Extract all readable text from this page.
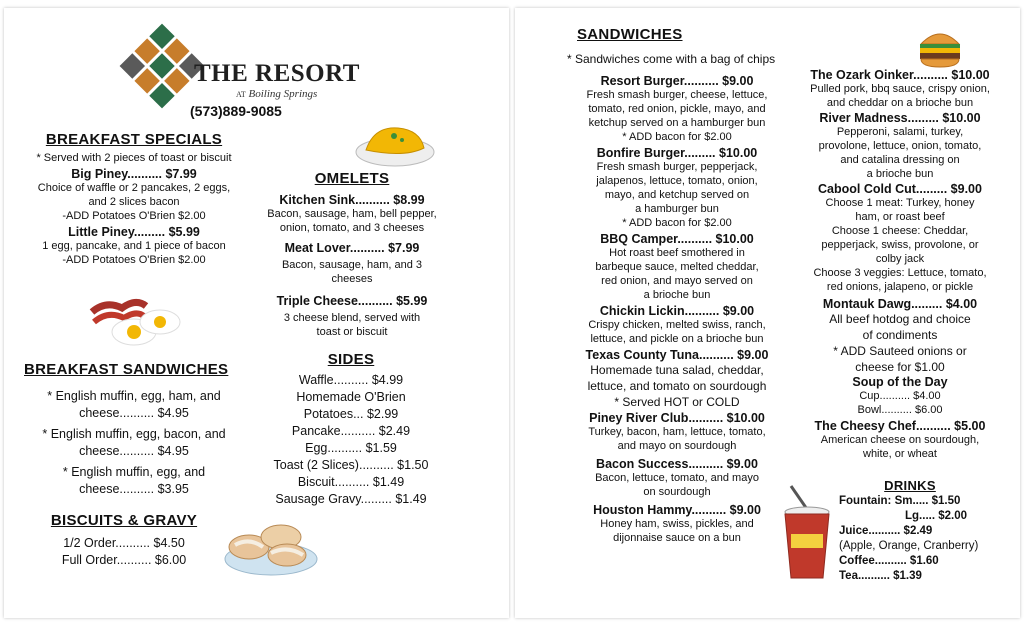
THE RESORT
AT Boiling Springs
(573)889-9085
BREAKFAST SPECIALS
* Served with 2 pieces of toast or biscuit
Big Piney.......... $7.99
Choice of waffle or 2 pancakes, 2 eggs,
and 2 slices bacon
-ADD Potatoes O'Brien $2.00
Little Piney......... $5.99
1 egg, pancake, and 1 piece of bacon
-ADD Potatoes O'Brien $2.00
OMELETS
Kitchen Sink.......... $8.99
Bacon, sausage, ham, bell pepper,
onion, tomato, and 3 cheeses
Meat Lover.......... $7.99
Bacon, sausage, ham, and 3
cheeses
Triple Cheese.......... $5.99
3 cheese blend, served with
toast or biscuit
BREAKFAST SANDWICHES
* English muffin, egg, ham, and
cheese.......... $4.95
* English muffin, egg, bacon, and
cheese.......... $4.95
* English muffin, egg, and
cheese.......... $3.95
SIDES
Waffle.......... $4.99
Homemade O'Brien
Potatoes... $2.99
Pancake.......... $2.49
Egg.......... $1.59
Toast (2 Slices).......... $1.50
Biscuit.......... $1.49
Sausage Gravy......... $1.49
BISCUITS & GRAVY
1/2 Order.......... $4.50
Full Order.......... $6.00
SANDWICHES
* Sandwiches come with a bag of chips
Resort Burger.......... $9.00
Fresh smash burger, cheese, lettuce,
tomato, red onion, pickle, mayo, and
ketchup served on a hamburger bun
* ADD bacon for $2.00
Bonfire Burger......... $10.00
Fresh smash burger, pepperjack,
jalapenos, lettuce, tomato, onion,
mayo, and ketchup served on
a hamburger bun
* ADD bacon for $2.00
BBQ Camper.......... $10.00
Hot roast beef smothered in
barbeque sauce, melted cheddar,
red onion, and mayo served on
a brioche bun
Chickin Lickin.......... $9.00
Crispy chicken, melted swiss, ranch,
lettuce, and pickle on a brioche bun
Texas County Tuna.......... $9.00
Homemade tuna salad, cheddar,
lettuce, and tomato on sourdough
* Served HOT or COLD
Piney River Club.......... $10.00
Turkey, bacon, ham, lettuce, tomato,
and mayo on sourdough
Bacon Success.......... $9.00
Bacon, lettuce, tomato, and mayo
on sourdough
Houston Hammy.......... $9.00
Honey ham, swiss, pickles, and
dijonnaise sauce on a bun
The Ozark Oinker.......... $10.00
Pulled pork, bbq sauce, crispy onion,
and cheddar on a brioche bun
River Madness......... $10.00
Pepperoni, salami, turkey,
provolone, lettuce, onion, tomato,
and catalina dressing on
a brioche bun
Cabool Cold Cut......... $9.00
Choose 1 meat: Turkey, honey
ham, or roast beef
Choose 1 cheese: Cheddar,
pepperjack, swiss, provolone, or
colby jack
Choose 3 veggies: Lettuce, tomato,
red onions, jalapeno, or pickle
Montauk Dawg......... $4.00
All beef hotdog and choice
of condiments
* ADD Sauteed onions or
cheese for $1.00
Soup of the Day
Cup.......... $4.00
Bowl.......... $6.00
The Cheesy Chef.......... $5.00
American cheese on sourdough,
white, or wheat
DRINKS
Fountain: Sm..... $1.50
Lg..... $2.00
Juice.......... $2.49
(Apple, Orange, Cranberry)
Coffee.......... $1.60
Tea.......... $1.39
